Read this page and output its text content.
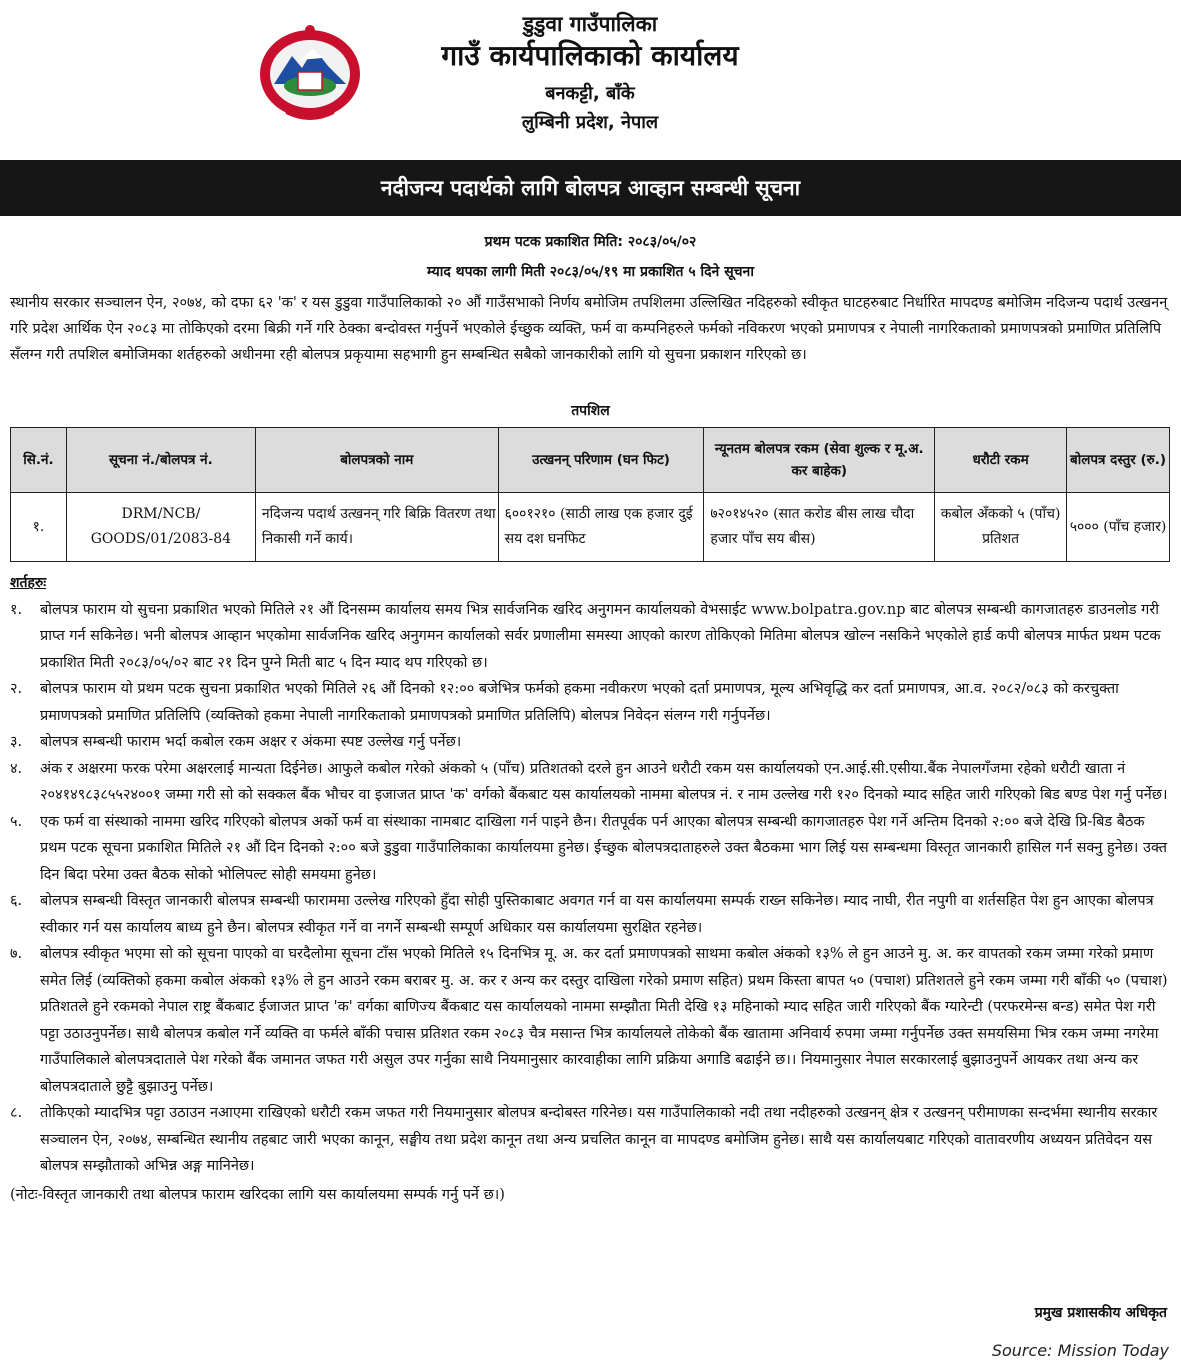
डुडुवा गाउँपालिका
गाउँ कार्यपालिकाको कार्यालय
बनकट्टी, बाँके
लुम्बिनी प्रदेश, नेपाल
नदीजन्य पदार्थको लागि बोलपत्र आव्हान सम्बन्धी सूचना
प्रथम पटक प्रकाशित मिति: २०८३/०५/०२
म्याद थपका लागी मिती २०८३/०५/१९ मा प्रकाशित ५ दिने सूचना
स्थानीय सरकार सञ्चालन ऐन, २०७४, को दफा ६२ 'क' र यस डुडुवा गाउँपालिकाको २० औं गाउँसभाको निर्णय बमोजिम तपशिलमा उल्लिखित नदिहरुको स्वीकृत घाटहरुबाट निर्धारित मापदण्ड बमोजिम नदिजन्य पदार्थ उत्खनन् गरि प्रदेश आर्थिक ऐन २०८३ मा तोकिएको दरमा बिक्री गर्ने गरि ठेक्का बन्दोवस्त गर्नुपर्ने भएकोले ईच्छुक व्यक्ति, फर्म वा कम्पनिहरुले फर्मको नविकरण भएको प्रमाणपत्र र नेपाली नागरिकताको प्रमाणपत्रको प्रमाणित प्रतिलिपि सँलग्न गरी तपशिल बमोजिमका शर्तहरुको अधीनमा रही बोलपत्र प्रकृयामा सहभागी हुन सम्बन्धित सबैको जानकारीको लागि यो सुचना प्रकाशन गरिएको छ।
तपशिल
सि.नं.	सूचना नं./बोलपत्र नं.	बोलपत्रको नाम	उत्खनन् परिणाम (घन फिट)	न्यूनतम बोलपत्र रकम (सेवा शुल्क र मू.अ. कर बाहेक)	धरौटी रकम	बोलपत्र दस्तुर (रु.)
१.	DRM/NCB/ GOODS/01/2083-84	नदिजन्य पदार्थ उत्खनन् गरि बिक्रि वितरण तथा निकासी गर्ने कार्य।	६००१२१० (साठी लाख एक हजार दुई सय दश घनफिट	७२०१४५२० (सात करोड बीस लाख चौदा हजार पाँच सय बीस)	कबोल अँकको ५ (पाँच) प्रतिशत	५००० (पाँच हजार)
शर्तहरुः
१.	बोलपत्र फाराम यो सुचना प्रकाशित भएको मितिले २१ औं दिनसम्म कार्यालय समय भित्र सार्वजनिक खरिद अनुगमन कार्यालयको वेभसाईट www.bolpatra.gov.np बाट बोलपत्र सम्बन्धी कागजातहरु डाउनलोड गरी प्राप्त गर्न सकिनेछ। भनी बोलपत्र आव्हान भएकोमा सार्वजनिक खरिद अनुगमन कार्यालको सर्वर प्रणालीमा समस्या आएको कारण तोकिएको मितिमा बोलपत्र खोल्न नसकिने भएकोले हार्ड कपी बोलपत्र मार्फत प्रथम पटक प्रकाशित मिती २०८३/०५/०२ बाट २१ दिन पुग्ने मिती बाट ५ दिन म्याद थप गरिएको छ।
२.	बोलपत्र फाराम यो प्रथम पटक सुचना प्रकाशित भएको मितिले २६ औं दिनको १२:०० बजेभित्र फर्मको हकमा नवीकरण भएको दर्ता प्रमाणपत्र, मूल्य अभिवृद्धि कर दर्ता प्रमाणपत्र, आ.व. २०८२/०८३ को करचुक्ता प्रमाणपत्रको प्रमाणित प्रतिलिपि (व्यक्तिको हकमा नेपाली नागरिकताको प्रमाणपत्रको प्रमाणित प्रतिलिपि) बोलपत्र निवेदन संलग्न गरी गर्नुपर्नेछ।
३.	बोलपत्र सम्बन्धी फाराम भर्दा कबोल रकम अक्षर र अंकमा स्पष्ट उल्लेख गर्नु पर्नेछ।
४.	अंक र अक्षरमा फरक परेमा अक्षरलाई मान्यता दिईनेछ। आफुले कबोल गरेको अंकको ५ (पाँच) प्रतिशतको दरले हुन आउने धरौटी रकम यस कार्यालयको एन.आई.सी.एसीया.बैंक नेपालगँजमा रहेको धरौटी खाता नं २०४१४९८३८५५२४००१ जम्मा गरी सो को सक्कल बैंक भौचर वा इजाजत प्राप्त 'क' वर्गको बैंकबाट यस कार्यालयको नाममा बोलपत्र नं. र नाम उल्लेख गरी १२० दिनको म्याद सहित जारी गरिएको बिड बण्ड पेश गर्नु पर्नेछ।
५.	एक फर्म वा संस्थाको नाममा खरिद गरिएको बोलपत्र अर्को फर्म वा संस्थाका नामबाट दाखिला गर्न पाइने छैन। रीतपूर्वक पर्न आएका बोलपत्र सम्बन्धी कागजातहरु पेश गर्ने अन्तिम दिनको २:०० बजे देखि प्रि-बिड बैठक प्रथम पटक सूचना प्रकाशित मितिले २१ औं दिन दिनको २:०० बजे डुडुवा गाउँपालिकाका कार्यालयमा हुनेछ। ईच्छुक बोलपत्रदाताहरुले उक्त बैठकमा भाग लिई यस सम्बन्धमा विस्तृत जानकारी हासिल गर्न सक्नु हुनेछ। उक्त दिन बिदा परेमा उक्त बैठक सोको भोलिपल्ट सोही समयमा हुनेछ।
६.	बोलपत्र सम्बन्धी विस्तृत जानकारी बोलपत्र सम्बन्धी फाराममा उल्लेख गरिएको हुँदा सोही पुस्तिकाबाट अवगत गर्न वा यस कार्यालयमा सम्पर्क राख्न सकिनेछ। म्याद नाघी, रीत नपुगी वा शर्तसहित पेश हुन आएका बोलपत्र स्वीकार गर्न यस कार्यालय बाध्य हुने छैन। बोलपत्र स्वीकृत गर्ने वा नगर्ने सम्बन्धी सम्पूर्ण अधिकार यस कार्यालयमा सुरक्षित रहनेछ।
७.	बोलपत्र स्वीकृत भएमा सो को सूचना पाएको वा घरदैलोमा सूचना टाँस भएको मितिले १५ दिनभित्र मू. अ. कर दर्ता प्रमाणपत्रको साथमा कबोल अंकको १३% ले हुन आउने मु. अ. कर वापतको रकम जम्मा गरेको प्रमाण समेत लिई (व्यक्तिको हकमा कबोल अंकको १३% ले हुन आउने रकम बराबर मु. अ. कर र अन्य कर दस्तुर दाखिला गरेको प्रमाण सहित) प्रथम किस्ता बापत ५० (पचाश) प्रतिशतले हुने रकम जम्मा गरी बाँकी ५० (पचाश) प्रतिशतले हुने रकमको नेपाल राष्ट्र बैंकबाट ईजाजत प्राप्त 'क' वर्गका बाणिज्य बैंकबाट यस कार्यालयको नाममा सम्झौता मिती देखि १३ महिनाको म्याद सहित जारी गरिएको बैंक ग्यारेन्टी (परफरमेन्स बन्ड) समेत पेश गरी पट्टा उठाउनुपर्नेछ। साथै बोलपत्र कबोल गर्ने व्यक्ति वा फर्मले बाँकी पचास प्रतिशत रकम २०८३ चैत्र मसान्त भित्र कार्यालयले तोकेको बैंक खातामा अनिवार्य रुपमा जम्मा गर्नुपर्नेछ उक्त समयसिमा भित्र रकम जम्मा नगरेमा गाउँपालिकाले बोलपत्रदाताले पेश गरेको बैंक जमानत जफत गरी असुल उपर गर्नुका साथै नियमानुसार कारवाहीका लागि प्रक्रिया अगाडि बढाईने छ।। नियमानुसार नेपाल सरकारलाई बुझाउनुपर्ने आयकर तथा अन्य कर बोलपत्रदाताले छुट्टै बुझाउनु पर्नेछ।
८.	तोकिएको म्यादभित्र पट्टा उठाउन नआएमा राखिएको धरौटी रकम जफत गरी नियमानुसार बोलपत्र बन्दोबस्त गरिनेछ। यस गाउँपालिकाको नदी तथा नदीहरुको उत्खनन् क्षेत्र र उत्खनन् परीमाणका सन्दर्भमा स्थानीय सरकार सञ्चालन ऐन, २०७४, सम्बन्धित स्थानीय तहबाट जारी भएका कानून, सङ्घीय तथा प्रदेश कानून तथा अन्य प्रचलित कानून वा मापदण्ड बमोजिम हुनेछ। साथै यस कार्यालयबाट गरिएको वातावरणीय अध्ययन प्रतिवेदन यस बोलपत्र सम्झौताको अभिन्न अङ्ग मानिनेछ।
(नोटः-विस्तृत जानकारी तथा बोलपत्र फाराम खरिदका लागि यस कार्यालयमा सम्पर्क गर्नु पर्ने छ।)
प्रमुख प्रशासकीय अधिकृत
Source: Mission Today
